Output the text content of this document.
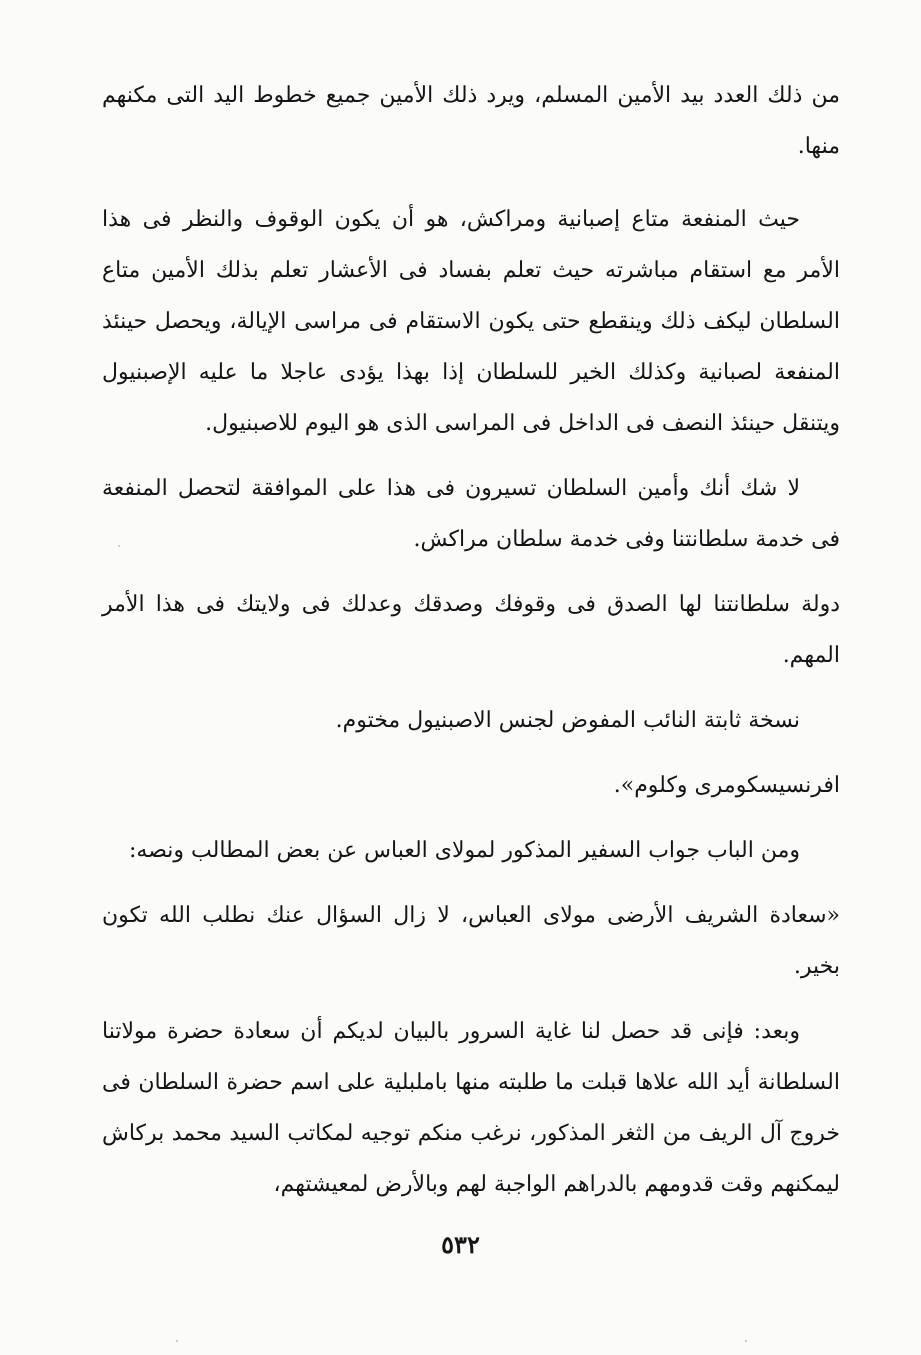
من ذلك العدد بيد الأمين المسلم، ويرد ذلك الأمين جميع خطوط اليد التى مكنهم منها.

حيث المنفعة متاع إصبانية ومراكش، هو أن يكون الوقوف والنظر فى هذا الأمر مع استقام مباشرته حيث تعلم بفساد فى الأعشار تعلم بذلك الأمين متاع السلطان ليكف ذلك وينقطع حتى يكون الاستقام فى مراسى الإيالة، ويحصل حينئذ المنفعة لصبانية وكذلك الخير للسلطان إذا بهذا يؤدى عاجلا ما عليه الإصبنيول ويتنقل حينئذ النصف فى الداخل فى المراسى الذى هو اليوم للاصبنيول.

لا شك أنك وأمين السلطان تسيرون فى هذا على الموافقة لتحصل المنفعة فى خدمة سلطانتنا وفى خدمة سلطان مراكش.

دولة سلطانتنا لها الصدق فى وقوفك وصدقك وعدلك فى ولايتك فى هذا الأمر المهم.

نسخة ثابتة النائب المفوض لجنس الاصبنيول مختوم.

افرنسيسكومرى وكلوم».

ومن الباب جواب السفير المذكور لمولاى العباس عن بعض المطالب ونصه:

«سعادة الشريف الأرضى مولاى العباس، لا زال السؤال عنك نطلب الله تكون بخير.

وبعد: فإنى قد حصل لنا غاية السرور بالبيان لديكم أن سعادة حضرة مولاتنا السلطانة أيد الله علاها قبلت ما طلبته منها باملبلية على اسم حضرة السلطان فى خروج آل الريف من الثغر المذكور، نرغب منكم توجيه لمكاتب السيد محمد بركاش ليمكنهم وقت قدومهم بالدراهم الواجبة لهم وبالأرض لمعيشتهم،

٥٣٢
